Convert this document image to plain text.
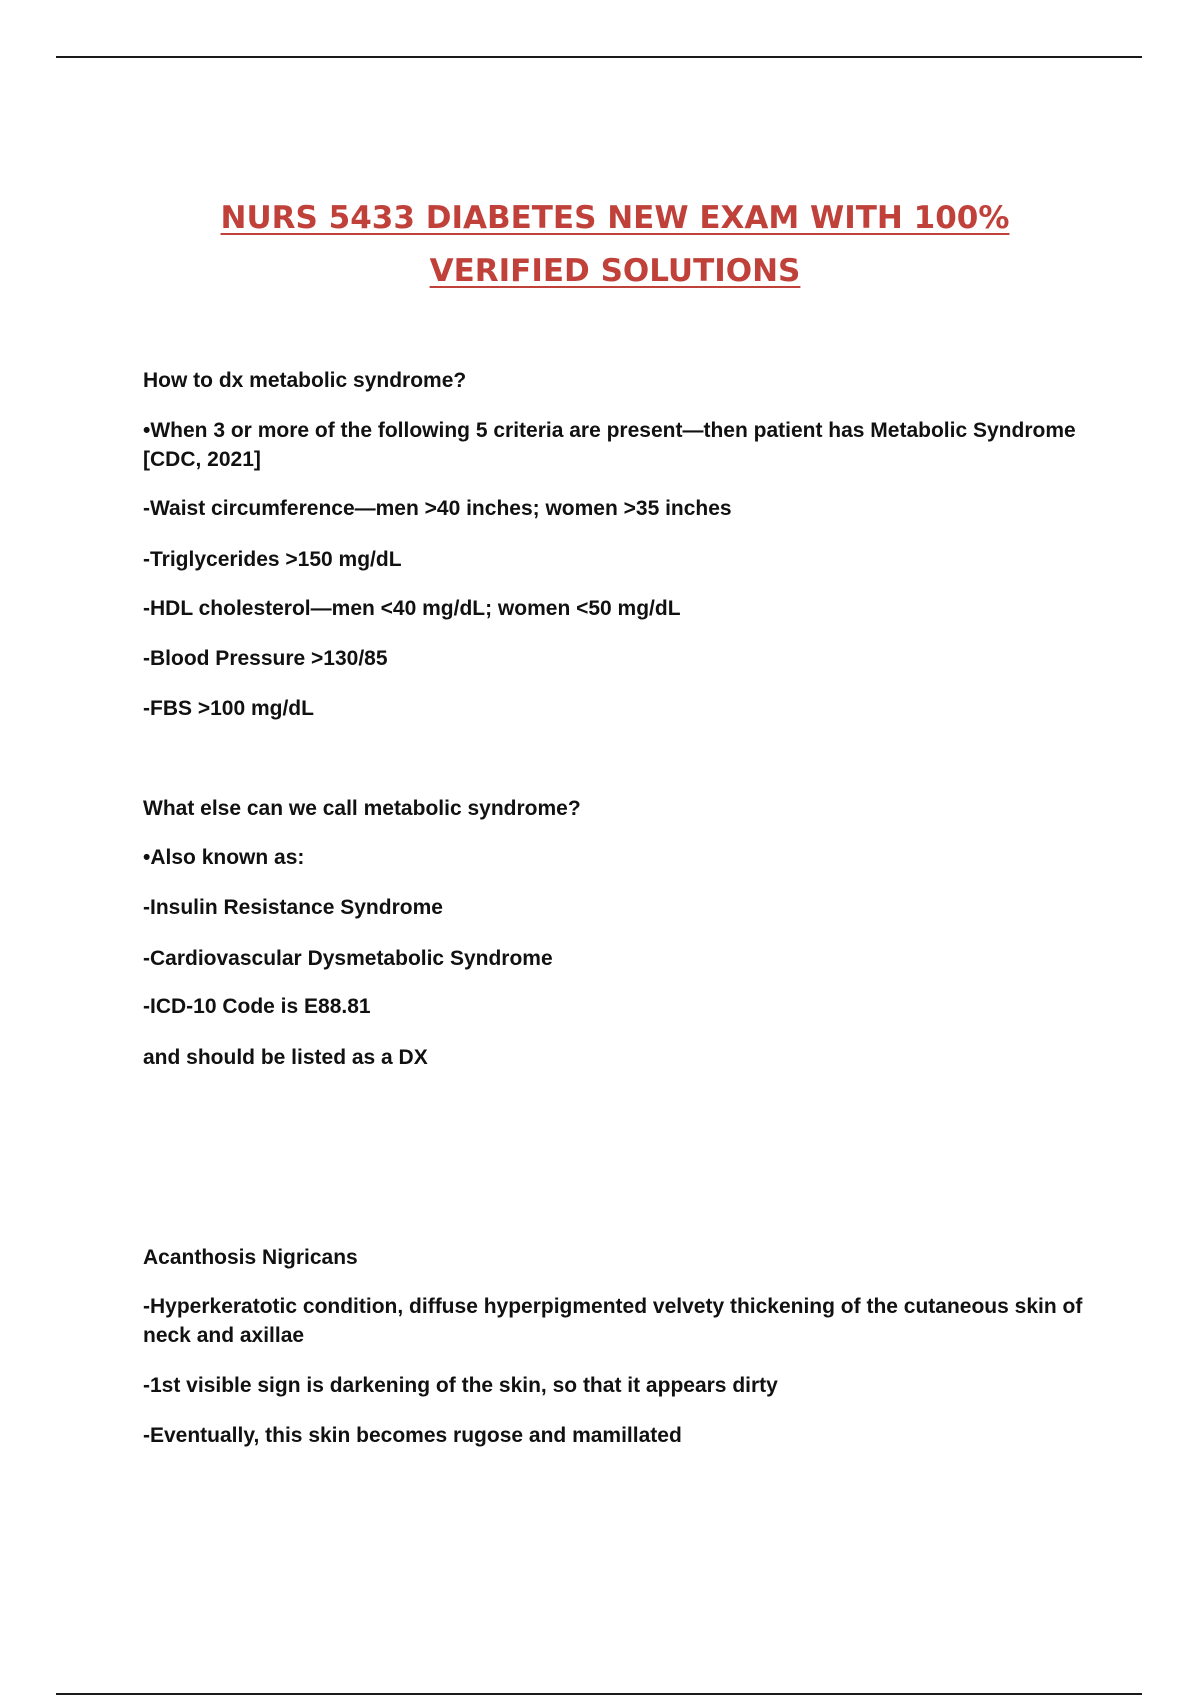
NURS 5433 DIABETES NEW EXAM WITH 100%
VERIFIED SOLUTIONS
How to dx metabolic syndrome?
•When 3 or more of the following 5 criteria are present—then patient has Metabolic Syndrome [CDC, 2021]
-Waist circumference—men >40 inches; women >35 inches
-Triglycerides >150 mg/dL
-HDL cholesterol—men <40 mg/dL; women <50 mg/dL
-Blood Pressure >130/85
-FBS >100 mg/dL
What else can we call metabolic syndrome?
•Also known as:
-Insulin Resistance Syndrome
-Cardiovascular Dysmetabolic Syndrome
-ICD-10 Code is E88.81
and should be listed as a DX
Acanthosis Nigricans
-Hyperkeratotic condition, diffuse hyperpigmented velvety thickening of the cutaneous skin of neck and axillae
-1st visible sign is darkening of the skin, so that it appears dirty
-Eventually, this skin becomes rugose and mamillated
